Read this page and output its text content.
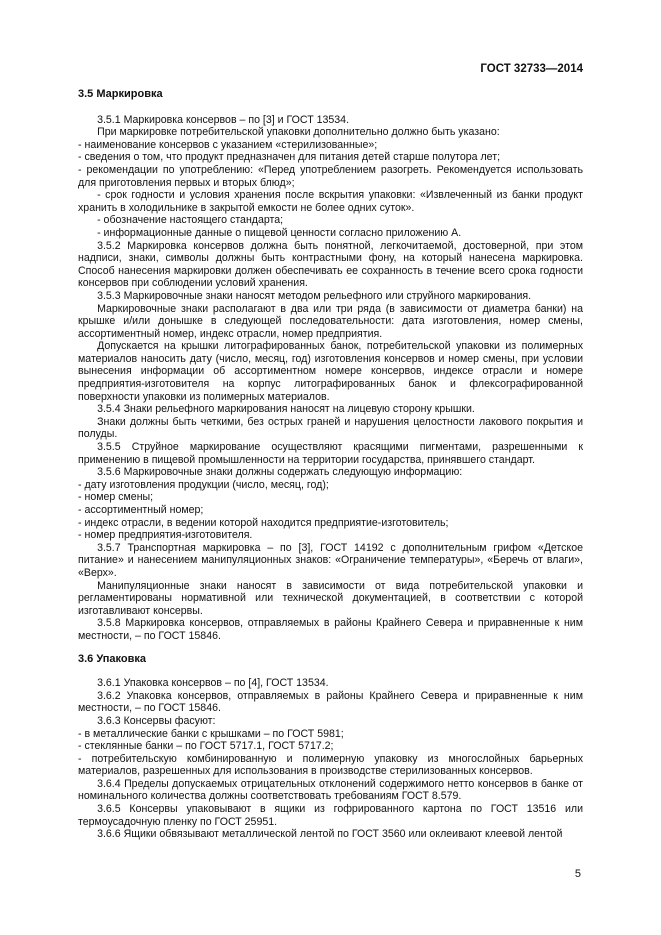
ГОСТ 32733—2014
3.5 Маркировка

3.5.1 Маркировка консервов – по [3] и ГОСТ 13534.

При маркировке потребительской упаковки дополнительно должно быть указано:

- наименование консервов с указанием «стерилизованные»;

- сведения о том, что продукт предназначен для питания детей старше полутора лет;

- рекомендации по употреблению: «Перед употреблением разогреть. Рекомендуется использовать для приготовления первых и вторых блюд»;

- срок годности и условия хранения после вскрытия упаковки: «Извлеченный из банки продукт хранить в холодильнике в закрытой емкости не более одних суток».

- обозначение настоящего стандарта;

- информационные данные о пищевой ценности согласно приложению А.

3.5.2 Маркировка консервов должна быть понятной, легкочитаемой, достоверной, при этом надписи, знаки, символы должны быть контрастными фону, на который нанесена маркировка. Способ нанесения маркировки должен обеспечивать ее сохранность в течение всего срока годности консервов при соблюдении условий хранения.

3.5.3 Маркировочные знаки наносят методом рельефного или струйного маркирования.

Маркировочные знаки располагают в два или три ряда (в зависимости от диаметра банки) на крышке и/или донышке в следующей последовательности: дата изготовления, номер смены, ассортиментный номер, индекс отрасли, номер предприятия.

Допускается на крышки литографированных банок, потребительской упаковки из полимерных материалов наносить дату (число, месяц, год) изготовления консервов и номер смены, при условии вынесения информации об ассортиментном номере консервов, индексе отрасли и номере предприятия-изготовителя на корпус литографированных банок и флексографированной поверхности упаковки из полимерных материалов.

3.5.4 Знаки рельефного маркирования наносят на лицевую сторону крышки.

Знаки должны быть четкими, без острых граней и нарушения целостности лакового покрытия и полуды.

3.5.5 Струйное маркирование осуществляют красящими пигментами, разрешенными к применению в пищевой промышленности на территории государства, принявшего стандарт.

3.5.6 Маркировочные знаки должны содержать следующую информацию:

- дату изготовления продукции (число, месяц, год);

- номер смены;

- ассортиментный номер;

- индекс отрасли, в ведении которой находится предприятие-изготовитель;

- номер предприятия-изготовителя.

3.5.7 Транспортная маркировка – по [3], ГОСТ 14192 с дополнительным грифом «Детское питание» и нанесением манипуляционных знаков: «Ограничение температуры», «Беречь от влаги», «Верх».

Манипуляционные знаки наносят в зависимости от вида потребительской упаковки и регламентированы нормативной или технической документацией, в соответствии с которой изготавливают консервы.

3.5.8 Маркировка консервов, отправляемых в районы Крайнего Севера и приравненные к ним местности, – по ГОСТ 15846.

3.6 Упаковка

3.6.1 Упаковка консервов – по [4], ГОСТ 13534.

3.6.2 Упаковка консервов, отправляемых в районы Крайнего Севера и приравненные к ним местности, – по ГОСТ 15846.

3.6.3 Консервы фасуют:

- в металлические банки с крышками – по ГОСТ 5981;

- стеклянные банки – по ГОСТ 5717.1, ГОСТ 5717.2;

- потребительскую комбинированную и полимерную упаковку из многослойных барьерных материалов, разрешенных для использования в производстве стерилизованных консервов.

3.6.4 Пределы допускаемых отрицательных отклонений содержимого нетто консервов в банке от номинального количества должны соответствовать требованиям ГОСТ 8.579.

3.6.5 Консервы упаковывают в ящики из гофрированного картона по ГОСТ 13516 или термоусадочную пленку по ГОСТ 25951.

3.6.6 Ящики обвязывают металлической лентой по ГОСТ 3560 или оклеивают клеевой лентой

5
